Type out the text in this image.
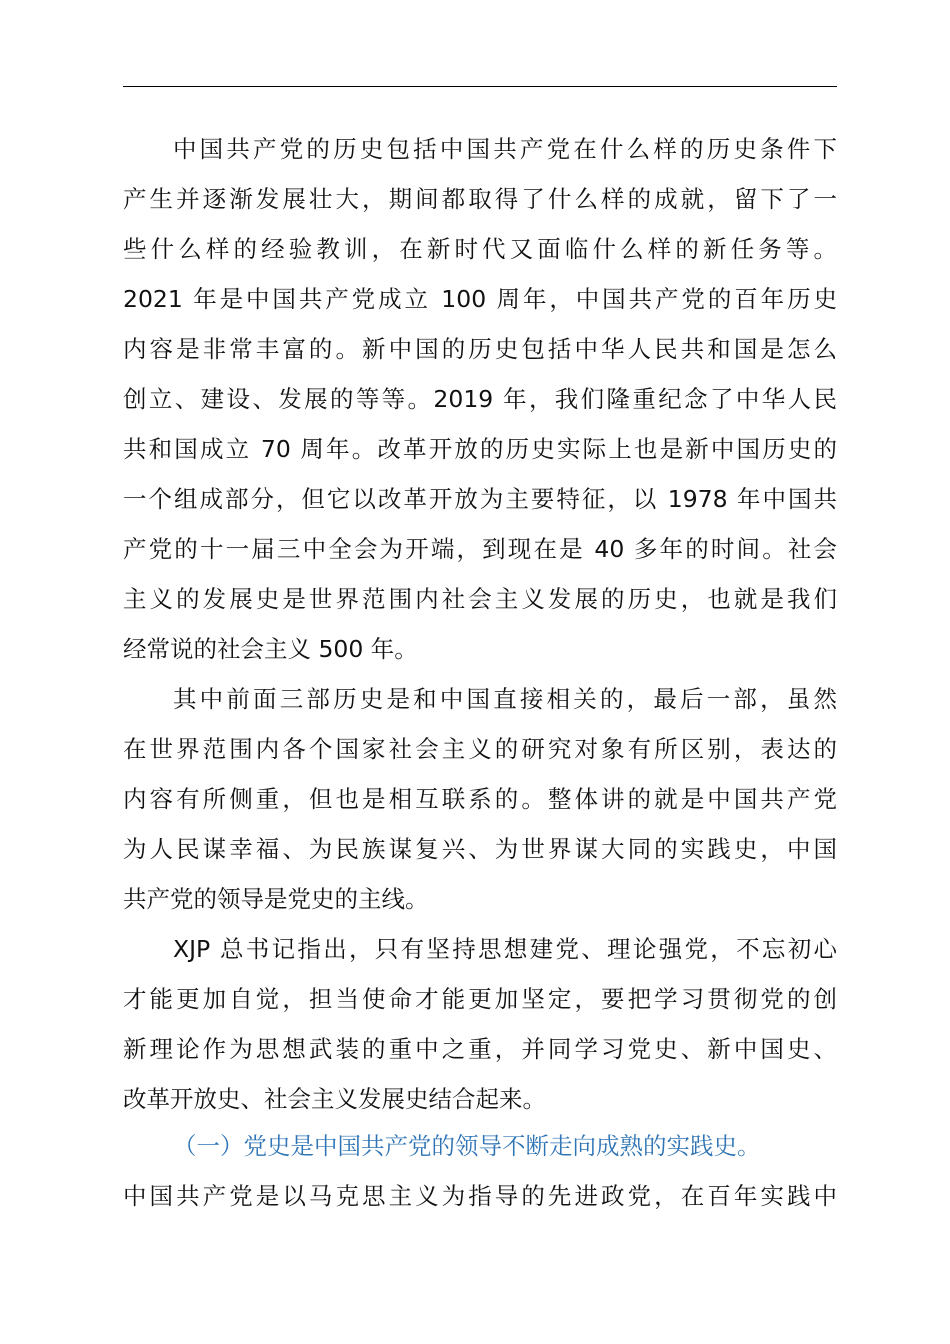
中国共产党的历史包括中国共产党在什么样的历史条件下
产生并逐渐发展壮大，期间都取得了什么样的成就，留下了一
些什么样的经验教训，在新时代又面临什么样的新任务等。
2021 年是中国共产党成立 100 周年，中国共产党的百年历史
内容是非常丰富的。新中国的历史包括中华人民共和国是怎么
创立、建设、发展的等等。2019 年，我们隆重纪念了中华人民
共和国成立 70 周年。改革开放的历史实际上也是新中国历史的
一个组成部分，但它以改革开放为主要特征，以 1978 年中国共
产党的十一届三中全会为开端，到现在是 40 多年的时间。社会
主义的发展史是世界范围内社会主义发展的历史，也就是我们
经常说的社会主义 500 年。
其中前面三部历史是和中国直接相关的，最后一部，虽然
在世界范围内各个国家社会主义的研究对象有所区别，表达的
内容有所侧重，但也是相互联系的。整体讲的就是中国共产党
为人民谋幸福、为民族谋复兴、为世界谋大同的实践史，中国
共产党的领导是党史的主线。
XJP 总书记指出，只有坚持思想建党、理论强党，不忘初心
才能更加自觉，担当使命才能更加坚定，要把学习贯彻党的创
新理论作为思想武装的重中之重，并同学习党史、新中国史、
改革开放史、社会主义发展史结合起来。
（一）党史是中国共产党的领导不断走向成熟的实践史。
中国共产党是以马克思主义为指导的先进政党，在百年实践中
